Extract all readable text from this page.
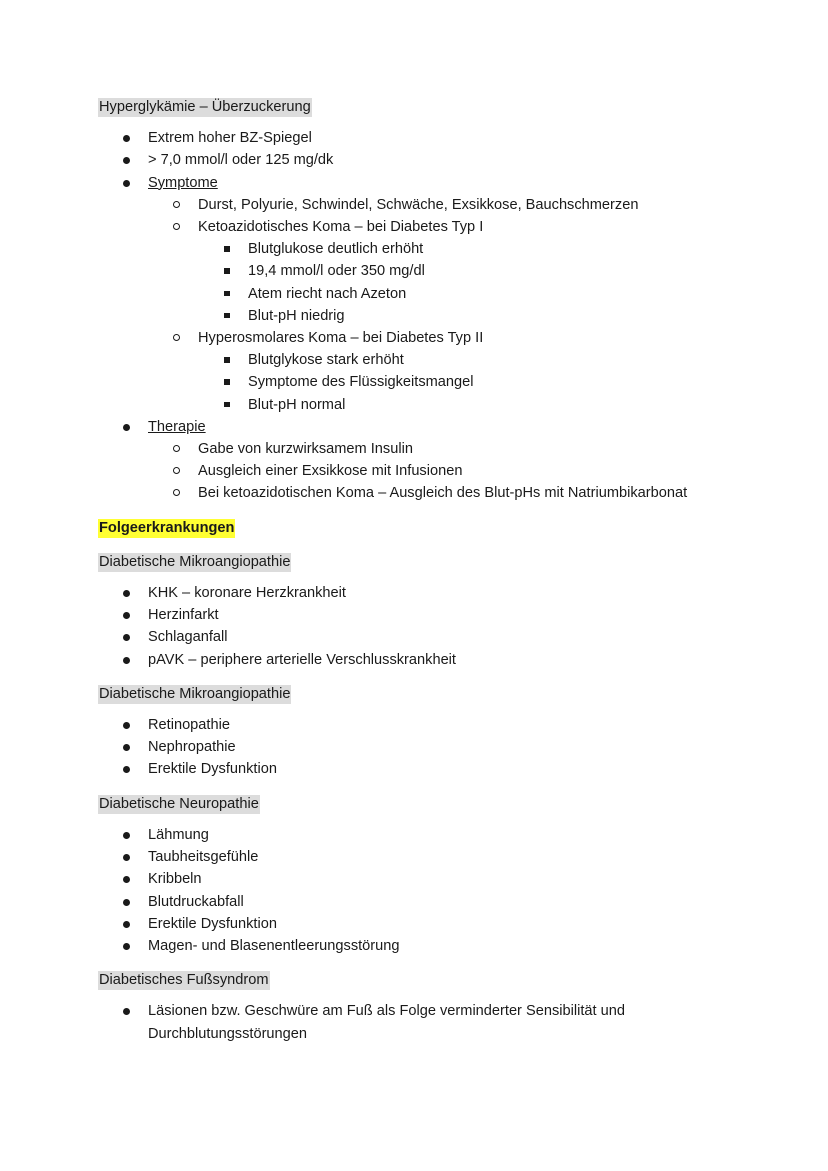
Hyperglykämie – Überzuckerung
Extrem hoher BZ-Spiegel
> 7,0 mmol/l oder 125 mg/dk
Symptome
Durst, Polyurie, Schwindel, Schwäche, Exsikkose, Bauchschmerzen
Ketoazidotisches Koma – bei Diabetes Typ I
Blutglukose deutlich erhöht
19,4 mmol/l oder 350 mg/dl
Atem riecht nach Azeton
Blut-pH niedrig
Hyperosmolares Koma – bei Diabetes Typ II
Blutglykose stark erhöht
Symptome des Flüssigkeitsmangel
Blut-pH normal
Therapie
Gabe von kurzwirksamem Insulin
Ausgleich einer Exsikkose mit Infusionen
Bei ketoazidotischen Koma – Ausgleich des Blut-pHs mit Natriumbikarbonat
Folgeerkrankungen
Diabetische Mikroangiopathie
KHK – koronare Herzkrankheit
Herzinfarkt
Schlaganfall
pAVK – periphere arterielle Verschlusskrankheit
Diabetische Mikroangiopathie
Retinopathie
Nephropathie
Erektile Dysfunktion
Diabetische Neuropathie
Lähmung
Taubheitsgefühle
Kribbeln
Blutdruckabfall
Erektile Dysfunktion
Magen- und Blasenentleerungsstörung
Diabetisches Fußsyndrom
Läsionen bzw. Geschwüre am Fuß als Folge verminderter Sensibilität und
Durchblutungsstörungen
